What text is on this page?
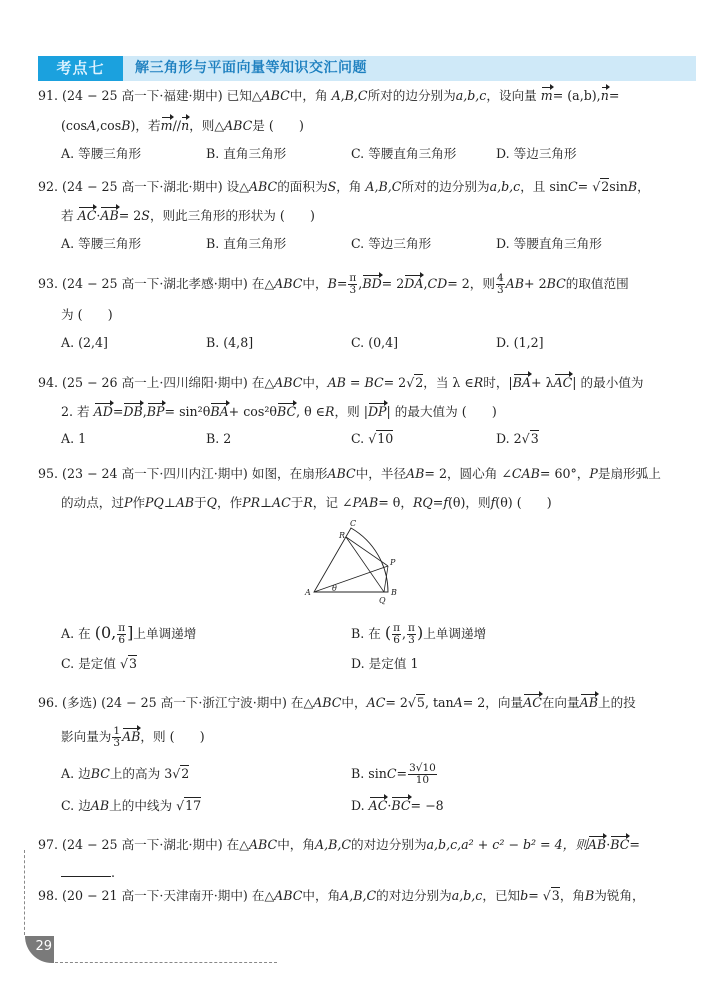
考点七	解三角形与平面向量等知识交汇问题
91. (24 − 25 高一下·福建·期中) 已知△ABC中，角 A,B,C所对的边分别为a,b,c，设向量 m= (a,b),n=
(cosA,cosB)，若m//n，则△ABC是 (　　)
A. 等腰三角形	B. 直角三角形	C. 等腰直角三角形	D. 等边三角形
92. (24 − 25 高一下·湖北·期中) 设△ABC的面积为S，角 A,B,C所对的边分别为a,b,c，且 sinC= √2sinB，
若 AC·AB= 2S，则此三角形的形状为 (　　)
A. 等腰三角形	B. 直角三角形	C. 等边三角形	D. 等腰直角三角形
93. (24 − 25 高一下·湖北孝感·期中) 在△ABC中，$B= \frac{\pi}{3} ,BD= 2DA,CD= 2$，则 $\frac{4}{3} AB+ 2BC$的取值范围
为 (　　)
A. (2,4]	B. (4,8]	C. (0,4]	D. (1,2]
94. (25 − 26 高一上·四川绵阳·期中) 在△ABC中，AB = BC= 2√2，当 λ ∈R时，|BA+ λAC| 的最小值为
2. 若 AD=DB,BP= sin²θBA+ cos²θBC, θ ∈R，则 |DP| 的最大值为 (　　)
A. 1	B. 2	C. √10	D. 2√3
95. (23 − 24 高一下·四川内江·期中) 如图，在扇形ABC中，半径AB= 2，圆心角 ∠CAB= 60°，P是扇形弧上
的动点，过P作PQ⊥AB于Q，作PR⊥AC于R，记 ∠PAB= θ，RQ=f(θ)，则f(θ) (　　)
A	B
C
P
Q
R
θ
A. 在 (0, $\frac{\pi}{6}$ ]上单调递增	B. 在 ( $\frac{\pi}{6}$ , $\frac{\pi}{3}$ )上单调递增
C. 是定值 √3	D. 是定值 1
96. (多选) (24 − 25 高一下·浙江宁波·期中) 在△ABC中，AC= 2√5, tanA= 2，向量AC在向量AB上的投
影向量为 $\frac{1}{3}$ AB，则 (　　)
A. 边BC上的高为 3√2	B. $\sin C= \frac{3√10}{10}$
C. 边AB上的中线为 √17	D. AC·BC= −8
97. (24 − 25 高一下·湖北·期中) 在△ABC中，角A,B,C的对边分别为a,b,c,a² + c² − b² = 4，则AB·BC=
.
98. (20 − 21 高一下·天津南开·期中) 在△ABC中，角A,B,C的对边分别为a,b,c，已知b= √3，角B为锐角，
29
